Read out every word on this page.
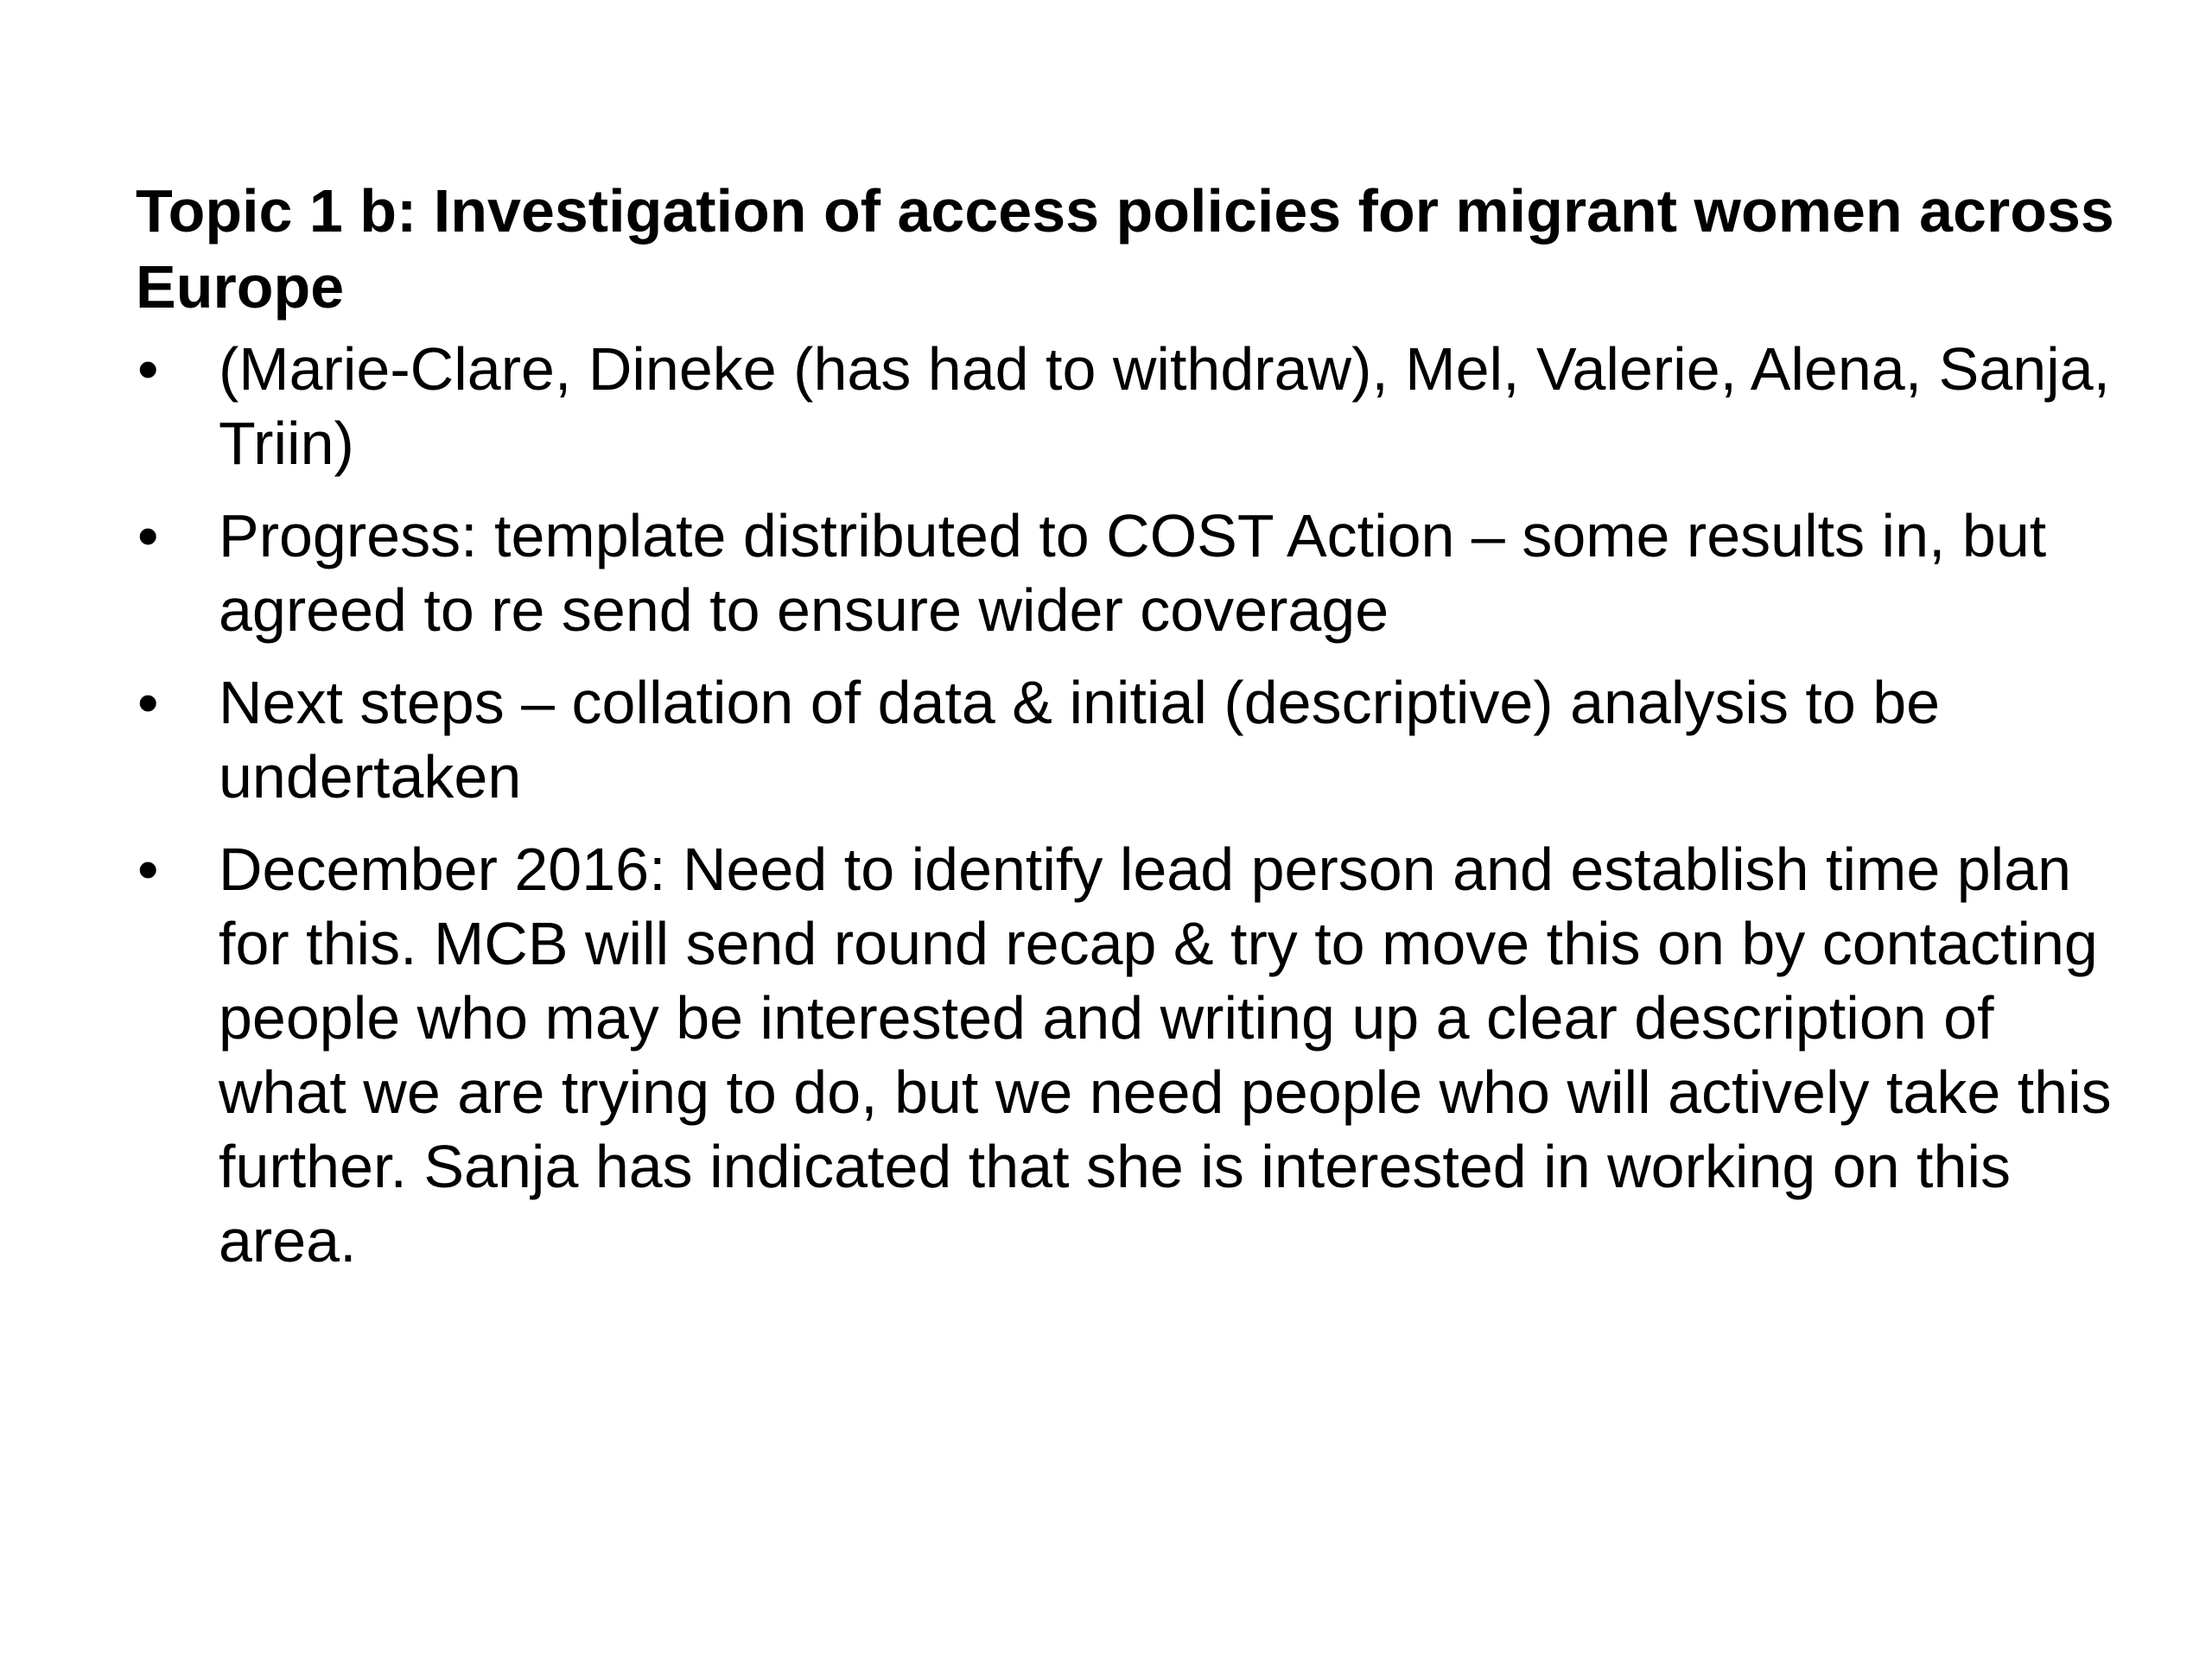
Topic 1 b: Investigation of access policies for migrant women across Europe
• (Marie-Clare, Dineke (has had to withdraw), Mel, Valerie, Alena, Sanja, Triin)
• Progress: template distributed to COST Action – some results in, but agreed to re send to ensure wider coverage
• Next steps – collation of data & initial (descriptive) analysis to be undertaken
• December 2016: Need to identify lead person and establish time plan for this. MCB will send round recap & try to move this on by contacting people who may be interested and writing up a clear description of what we are trying to do, but we need people who will actively take this further. Sanja has indicated that she is interested in working on this area.
